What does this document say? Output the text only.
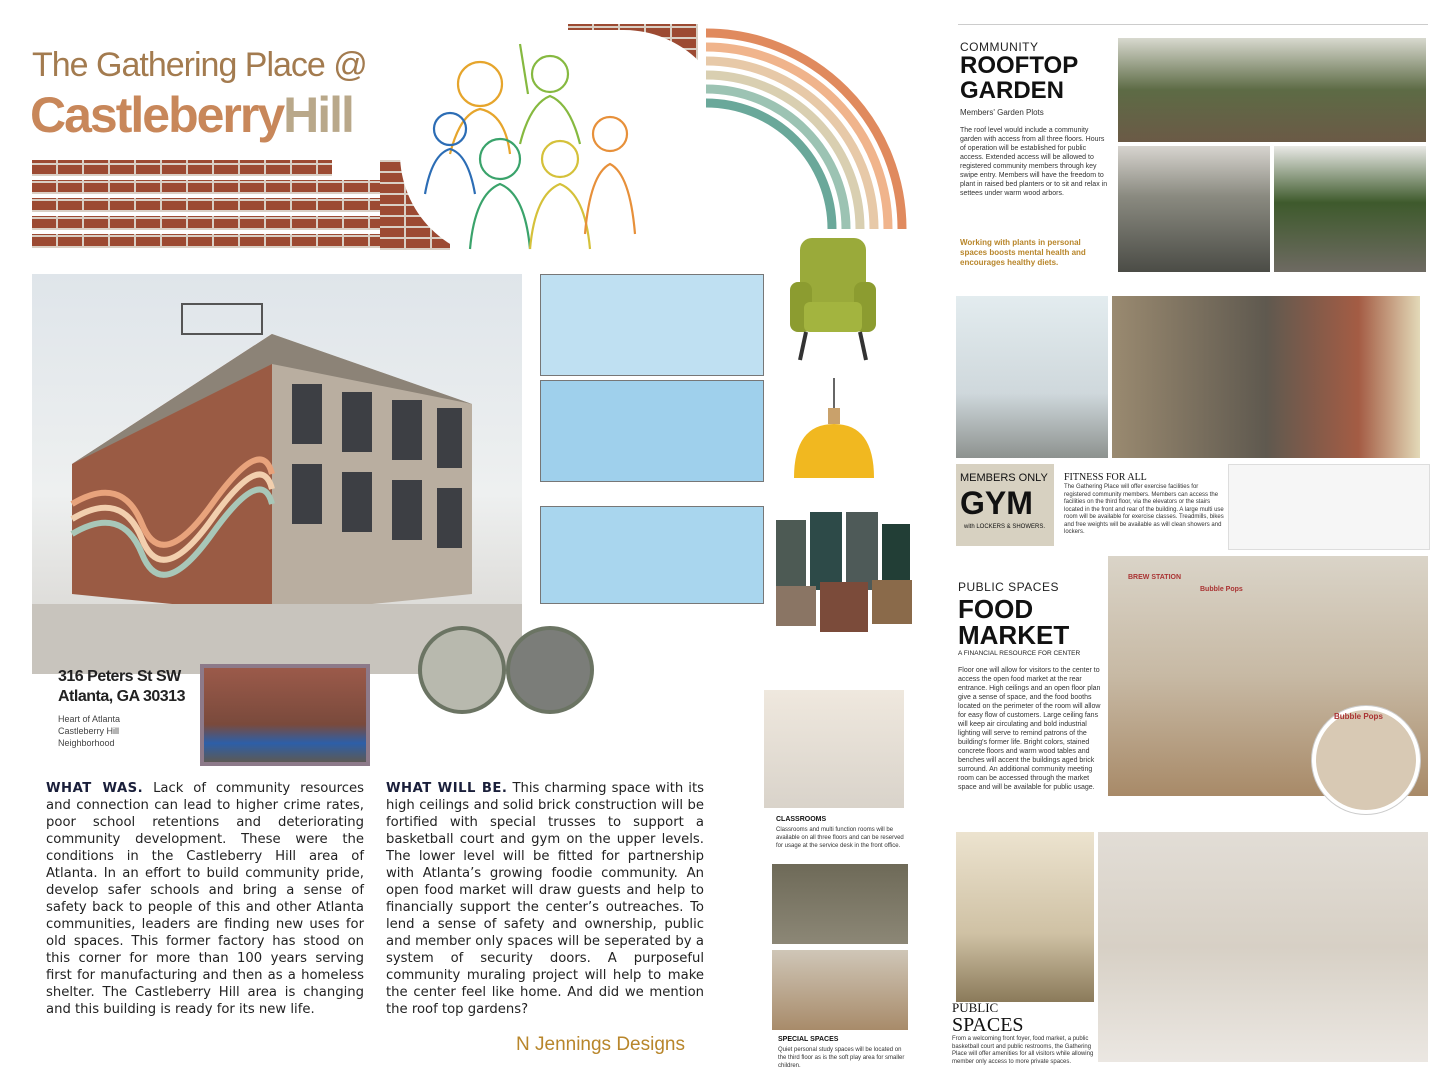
The Gathering Place @
CastleberryHill
316 Peters St SW
Atlanta, GA 30313
Heart of Atlanta
Castleberry Hill
Neighborhood
WHAT WAS. Lack of community resources and connection can lead to higher crime rates, poor school retentions and deteriorating community development. These were the conditions in the Castleberry Hill area of Atlanta. In an effort to build community pride, develop safer schools and bring a sense of safety back to people of this and other Atlanta communities, leaders are finding new uses for old spaces. This former factory has stood on this corner for more than 100 years serving first for manufacturing and then as a homeless shelter. The Castleberry Hill area is changing and this building is ready for its new life.
WHAT WILL BE. This charming space with its high ceilings and solid brick construction will be fortified with special trusses to support a basketball court and gym on the upper levels. The lower level will be fitted for partnership with Atlanta’s growing foodie community. An open food market will draw guests and help to financially support the center’s outreaches. To lend a sense of safety and ownership, public and member only spaces will be seperated by a system of security doors. A purposeful community muraling project will help to make the center feel like home. And did we mention the roof top gardens?
N Jennings Designs
CLASSROOMS
Classrooms and multi function rooms will be available on all three floors and can be reserved for usage at the service desk in the front office.
SPECIAL SPACES
Quiet personal study spaces will be located on the third floor as is the soft play area for smaller children.
COMMUNITY
ROOFTOP
GARDEN
Members' Garden Plots
The roof level would include a community garden with access from all three floors. Hours of operation will be established for public access. Extended access will be allowed to registered community members through key swipe entry. Members will have the freedom to plant in raised bed planters or to sit and relax in settees under warm wood arbors.
Working with plants in personal spaces boosts mental health and encourages healthy diets.
MEMBERS ONLY
GYM
with LOCKERS & SHOWERS.
FITNESS FOR ALL
The Gathering Place will offer exercise facilities for registered community members. Members can access the facilities on the third floor, via the elevators or the stairs located in the front and rear of the building. A large multi use room will be available for exercise classes. Treadmills, bikes and free weights will be available as will clean showers and lockers.
PUBLIC SPACES
FOOD
MARKET
A FINANCIAL RESOURCE FOR CENTER
Floor one will allow for visitors to the center to access the open food market at the rear entrance. High ceilings and an open floor plan give a sense of space, and the food booths located on the perimeter of the room will allow for easy flow of customers. Large ceiling fans will keep air circulating and bold industrial lighting will serve to remind patrons of the building's former life. Bright colors, stained concrete floors and warm wood tables and benches will accent the buildings aged brick surround. An additional community meeting room can be accessed through the market space and will be available for public usage.
BREW STATION
Bubble Pops
Bubble Pops
PUBLIC
SPACES
From a welcoming front foyer, food market, a public basketball court and public restrooms, the Gathering Place will offer amenities for all visitors while allowing member only access to more private spaces.
